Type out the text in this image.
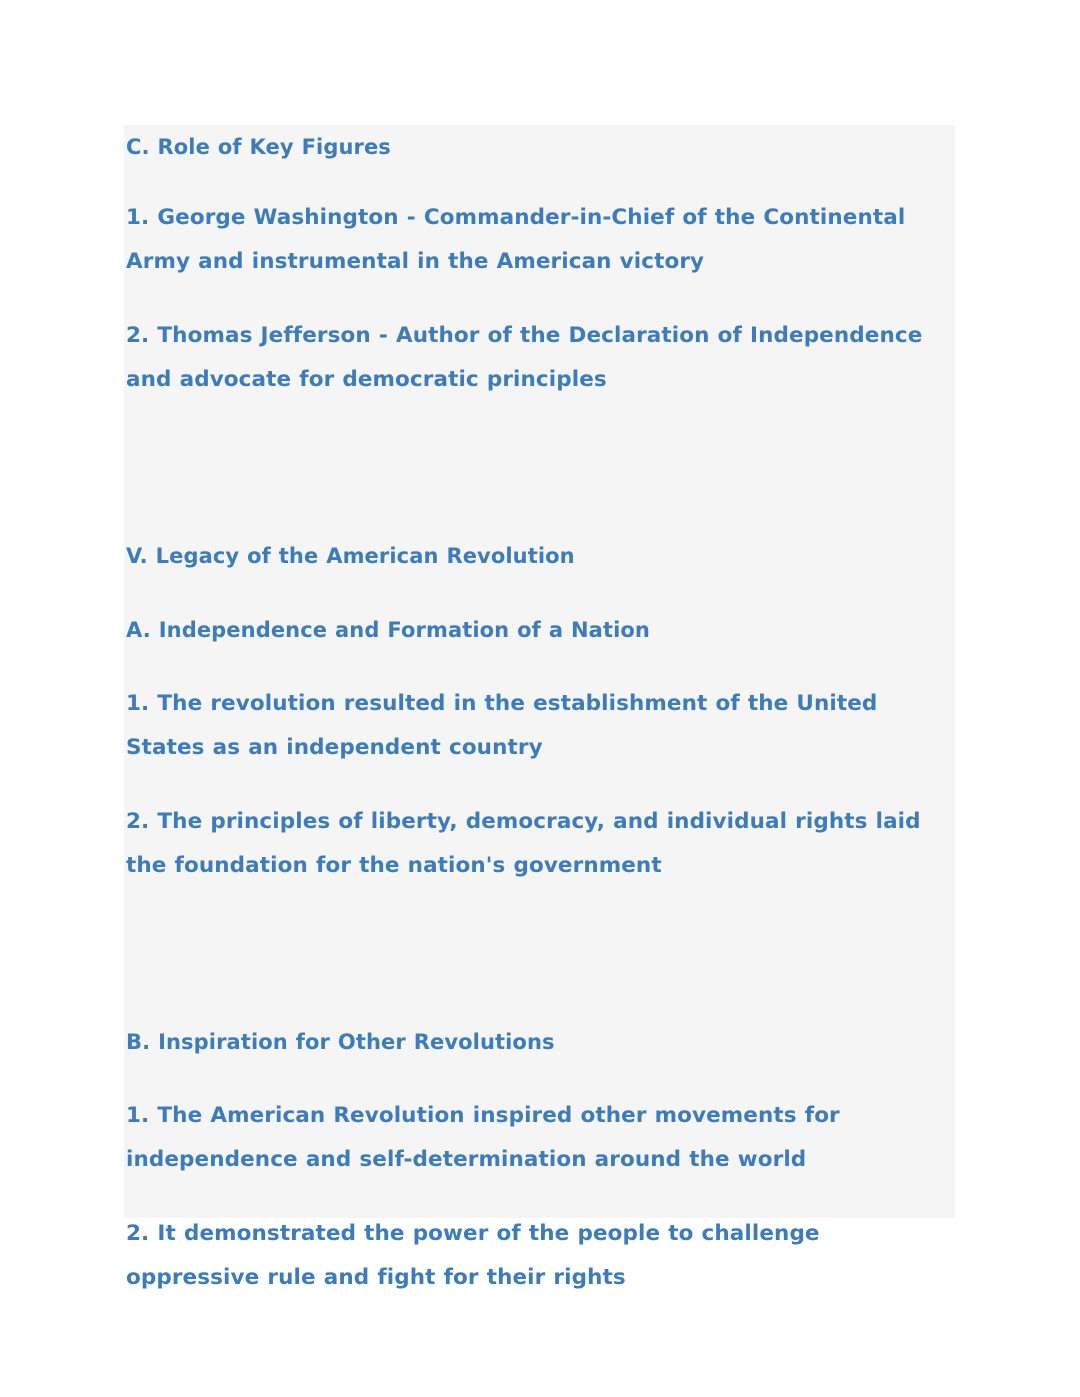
C. Role of Key Figures

1. George Washington - Commander-in-Chief of the Continental Army and instrumental in the American victory

2. Thomas Jefferson - Author of the Declaration of Independence and advocate for democratic principles

V. Legacy of the American Revolution

A. Independence and Formation of a Nation

1. The revolution resulted in the establishment of the United States as an independent country

2. The principles of liberty, democracy, and individual rights laid the foundation for the nation's government

B. Inspiration for Other Revolutions

1. The American Revolution inspired other movements for independence and self-determination around the world

2. It demonstrated the power of the people to challenge oppressive rule and fight for their rights
